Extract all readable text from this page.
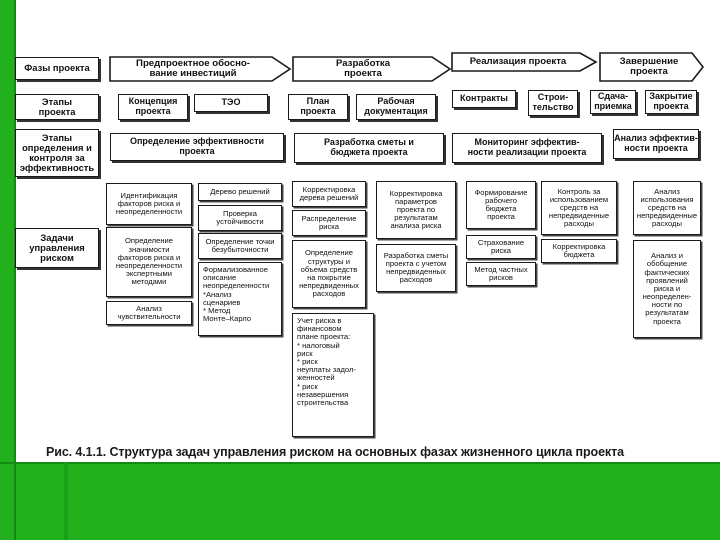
Фазы проекта
Этапы
проекта
Этапы
определения и
контроля за
эффективность
Задачи
управления
риском
Предпроектное обосно-
вание инвестиций
Разработка
проекта
Реализация проекта	Завершение
проекта
Концепция
проекта
ТЭО	План
проекта
Рабочая
документация
Контракты	Строи-
тельство
Сдача-
приемка
Закрытие
проекта
Определение эффективности
проекта
Разработка сметы и
бюджета проекта
Мониторинг эффектив-
ности реализации проекта
Анализ эффектив-
ности проекта
Идентификация
факторов риска и
неопределенности
Определение
значимости
факторов риска и
неопределенности
экспертными
методами
Анализ
чувствительности
Дерево решений
Проверка
устойчивости
Определение точки
безубыточности
Формализованное
описание
неопределенности
*Анализ
сценариев
* Метод
Монте–Карло
Корректировка
дерева решений
Распределение
риска
Определение
структуры и
объема средств
на покрытие
непредвиденных
расходов
Учет риска в
финансовом
плане проекта:
* налоговый
риск
* риск
неуплаты задол-
женностей
* риск
незавершения
строительства
Корректировка
параметров
проекта по
результатам
анализа риска
Разработка сметы
проекта с учетом
непредвиденных
расходов
Формирование
рабочего
бюджета
проекта
Страхование
риска
Метод частных
рисков
Контроль за
использованием
средств на
непредвиденные
расходы
Корректировка
бюджета
Анализ
использования
средств на
непредвиденные
расходы
Анализ и
обобщение
фактических
проявлений
риска и
неопределен-
ности по
результатам
проекта
Рис. 4.1.1. Структура задач управления риском на основных фазах жизненного цикла проекта
